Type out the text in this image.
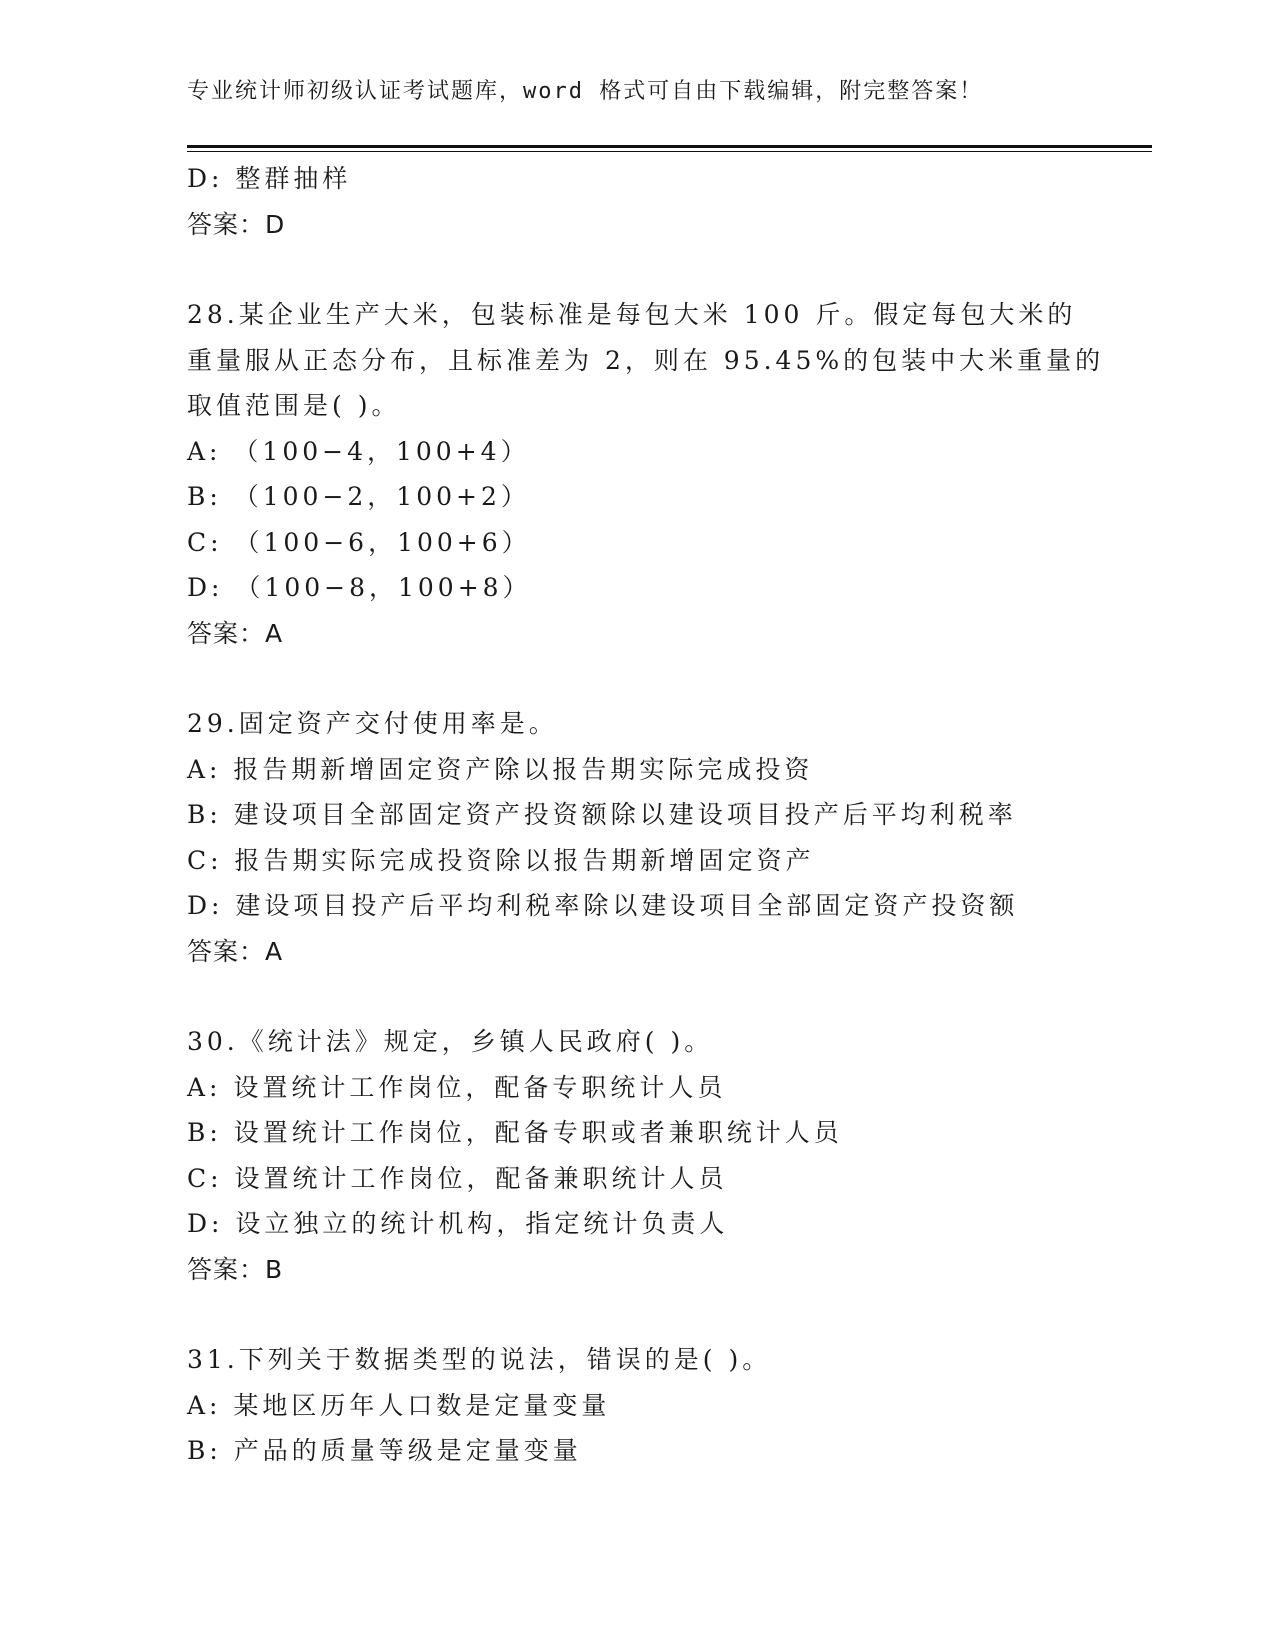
专业统计师初级认证考试题库，word 格式可自由下载编辑，附完整答案！

D: 整群抽样

答案：D

28.某企业生产大米，包装标准是每包大米 100 斤。假定每包大米的

重量服从正态分布，且标准差为 2，则在 95.45%的包装中大米重量的

取值范围是( )。

A: （100−4，100+4）

B: （100−2，100+2）

C: （100−6，100+6）

D: （100−8，100+8）

答案：A

29.固定资产交付使用率是。

A: 报告期新增固定资产除以报告期实际完成投资

B: 建设项目全部固定资产投资额除以建设项目投产后平均利税率

C: 报告期实际完成投资除以报告期新增固定资产

D: 建设项目投产后平均利税率除以建设项目全部固定资产投资额

答案：A

30.《统计法》规定，乡镇人民政府( )。

A: 设置统计工作岗位，配备专职统计人员

B: 设置统计工作岗位，配备专职或者兼职统计人员

C: 设置统计工作岗位，配备兼职统计人员

D: 设立独立的统计机构，指定统计负责人

答案：B

31.下列关于数据类型的说法，错误的是( )。

A: 某地区历年人口数是定量变量

B: 产品的质量等级是定量变量
